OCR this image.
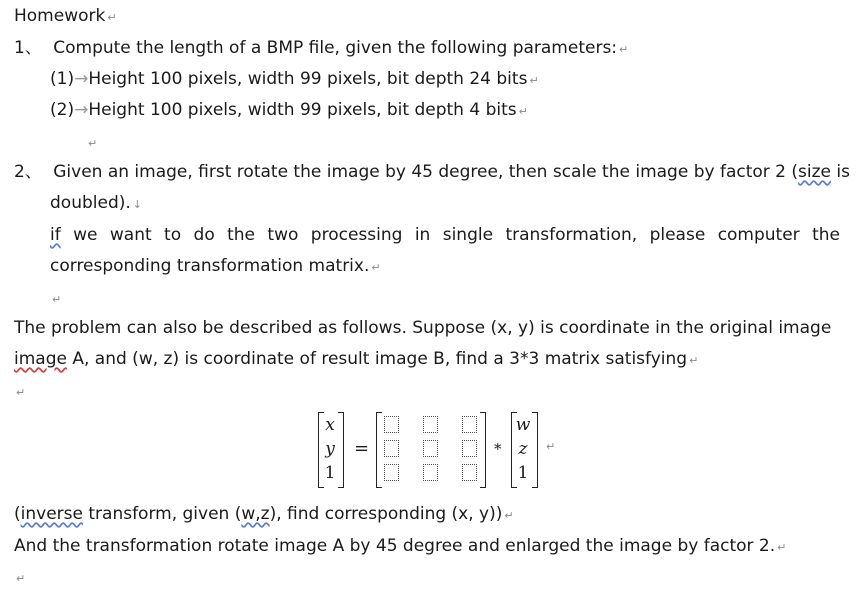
Homework ↵
1、 Compute the length of a BMP file, given the following parameters: ↵
(1)→Height 100 pixels, width 99 pixels, bit depth 24 bits ↵
(2)→Height 100 pixels, width 99 pixels, bit depth 4 bits ↵
↵
2、 Given an image, first rotate the image by 45 degree, then scale the image by factor 2 (size is
doubled). ↓
if we want to do the two processing in single transformation, please computer the
corresponding transformation matrix. ↵
↵
The problem can also be described as follows. Suppose (x, y) is coordinate in the original image
image A, and (w, z) is coordinate of result image B, find a 3*3 matrix satisfying ↵
↵
x
y
1
=	*
w
z
1
↵
(inverse transform, given (w,z), find corresponding (x, y)) ↵
And the transformation rotate image A by 45 degree and enlarged the image by factor 2. ↵
↵
